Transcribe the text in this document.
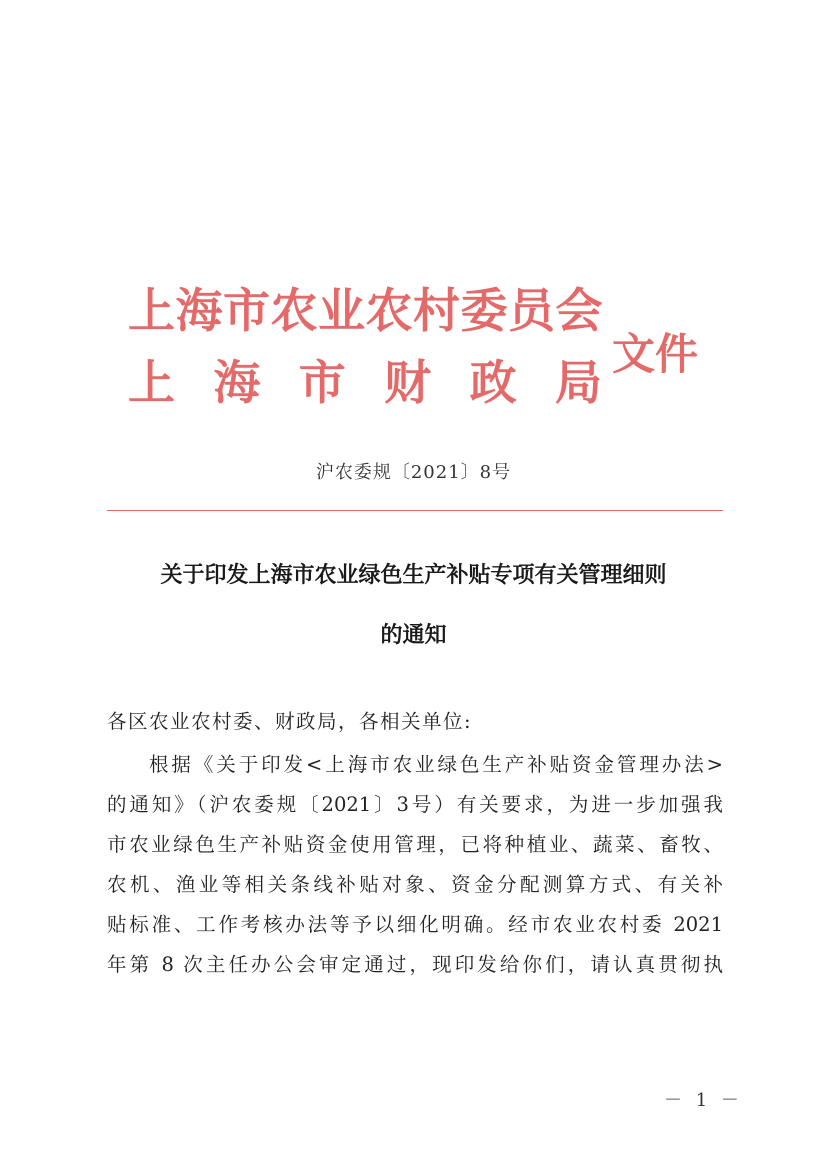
上海市农业农村委员会
上 海 市 财 政 局
文件
沪农委规〔2021〕8号
关于印发上海市农业绿色生产补贴专项有关管理细则
的通知
各区农业农村委、财政局，各相关单位:
根据《关于印发<上海市农业绿色生产补贴资金管理办法>
的通知》（沪农委规〔2021〕3号）有关要求，为进一步加强我
市农业绿色生产补贴资金使用管理，已将种植业、蔬菜、畜牧、
农机、渔业等相关条线补贴对象、资金分配测算方式、有关补
贴标准、工作考核办法等予以细化明确。经市农业农村委 2021
年第 8 次主任办公会审定通过，现印发给你们，请认真贯彻执
－ 1 －
